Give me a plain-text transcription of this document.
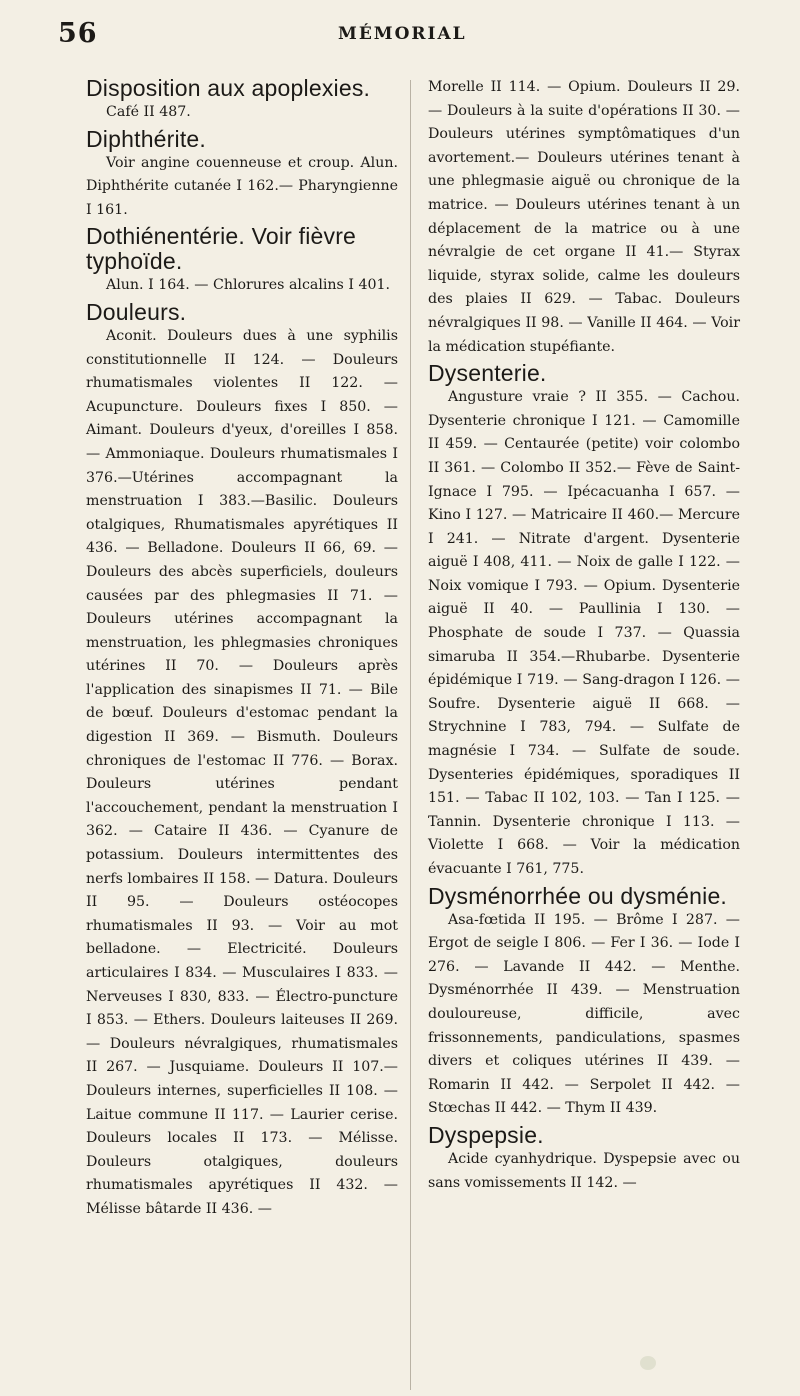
56	MÉMORIAL
Disposition aux apoplexies.

Café II 487.

Diphthérite.

Voir angine couenneuse et croup. Alun. Diphthérite cutanée I 162.— Pharyngienne I 161.

Dothiénentérie. Voir fièvre typhoïde.

Alun. I 164. — Chlorures alcalins I 401.

Douleurs.

Aconit. Douleurs dues à une syphilis constitutionnelle II 124. — Douleurs rhumatismales violentes II 122. — Acupuncture. Douleurs fixes I 850. — Aimant. Douleurs d'yeux, d'oreilles I 858. — Ammoniaque. Douleurs rhumatismales I 376.—Utérines accompagnant la menstruation I 383.—Basilic. Douleurs otalgiques, Rhumatismales apyrétiques II 436. — Belladone. Douleurs II 66, 69. — Douleurs des abcès superficiels, douleurs causées par des phlegmasies II 71. — Douleurs utérines accompagnant la menstruation, les phlegmasies chroniques utérines II 70. — Douleurs après l'application des sinapismes II 71. — Bile de bœuf. Douleurs d'estomac pendant la digestion II 369. — Bismuth. Douleurs chroniques de l'estomac II 776. — Borax. Douleurs utérines pendant l'accouchement, pendant la menstruation I 362. — Cataire II 436. — Cyanure de potassium. Douleurs intermittentes des nerfs lombaires II 158. — Datura. Douleurs II 95. — Douleurs ostéocopes rhumatismales II 93. — Voir au mot belladone. — Electricité. Douleurs articulaires I 834. — Musculaires I 833. — Nerveuses I 830, 833. — Électro-puncture I 853. — Ethers. Douleurs laiteuses II 269. — Douleurs névralgiques, rhumatismales II 267. — Jusquiame. Douleurs II 107.— Douleurs internes, superficielles II 108. — Laitue commune II 117. — Laurier cerise. Douleurs locales II 173. — Mélisse. Douleurs otalgiques, douleurs rhumatismales apyrétiques II 432. — Mélisse bâtarde II 436. —

Morelle II 114. — Opium. Douleurs II 29. — Douleurs à la suite d'opérations II 30. — Douleurs utérines symptômatiques d'un avortement.— Douleurs utérines tenant à une phlegmasie aiguë ou chronique de la matrice. — Douleurs utérines tenant à un déplacement de la matrice ou à une névralgie de cet organe II 41.— Styrax liquide, styrax solide, calme les douleurs des plaies II 629. — Tabac. Douleurs névralgiques II 98. — Vanille II 464. — Voir la médication stupéfiante.

Dysenterie.

Angusture vraie ? II 355. — Cachou. Dysenterie chronique I 121. — Camomille II 459. — Centaurée (petite) voir colombo II 361. — Colombo II 352.— Fève de Saint-Ignace I 795. — Ipécacuanha I 657. — Kino I 127. — Matricaire II 460.— Mercure I 241. — Nitrate d'argent. Dysenterie aiguë I 408, 411. — Noix de galle I 122. — Noix vomique I 793. — Opium. Dysenterie aiguë II 40. — Paullinia I 130. — Phosphate de soude I 737. — Quassia simaruba II 354.—Rhubarbe. Dysenterie épidémique I 719. — Sang-dragon I 126. — Soufre. Dysenterie aiguë II 668. — Strychnine I 783, 794. — Sulfate de magnésie I 734. — Sulfate de soude. Dysenteries épidémiques, sporadiques II 151. — Tabac II 102, 103. — Tan I 125. — Tannin. Dysenterie chronique I 113. — Violette I 668. — Voir la médication évacuante I 761, 775.

Dysménorrhée ou dysménie.

Asa-fœtida II 195. — Brôme I 287. — Ergot de seigle I 806. — Fer I 36. — Iode I 276. — Lavande II 442. — Menthe. Dysménorrhée II 439. — Menstruation douloureuse, difficile, avec frissonnements, pandiculations, spasmes divers et coliques utérines II 439. — Romarin II 442. — Serpolet II 442. — Stœchas II 442. — Thym II 439.

Dyspepsie.

Acide cyanhydrique. Dyspepsie avec ou sans vomissements II 142. —
